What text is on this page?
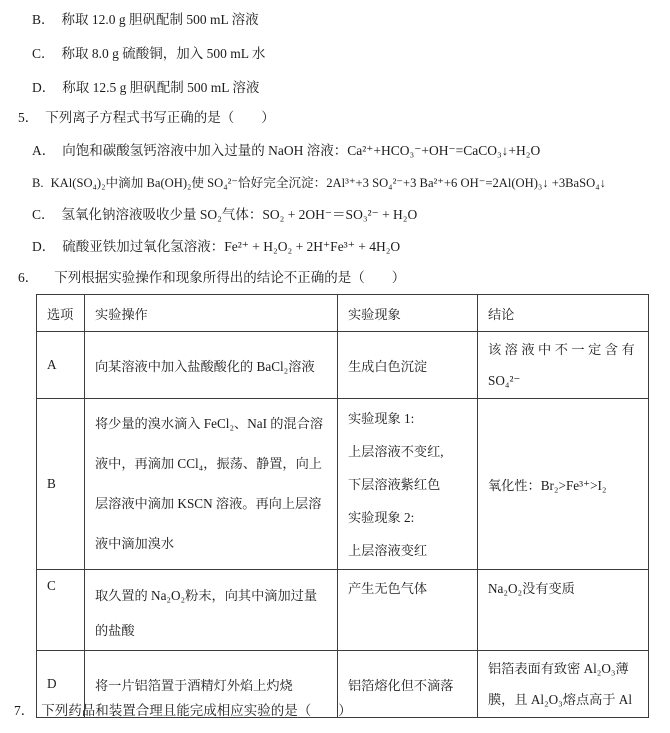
B． 称取 12.0 g 胆矾配制 500 mL 溶液
C． 称取 8.0 g 硫酸铜，加入 500 mL 水
D． 称取 12.5 g 胆矾配制 500 mL 溶液
5． 下列离子方程式书写正确的是（　　）
A． 向饱和碳酸氢钙溶液中加入过量的 NaOH 溶液：Ca²⁺+HCO₃⁻+OH⁻=CaCO₃↓+H₂O
B. KAl(SO₄)₂中滴加 Ba(OH)₂使 SO₄²⁻恰好完全沉淀：2Al³⁺+3 SO₄²⁻+3 Ba²⁺+6 OH⁻=2Al(OH)₃↓ +3BaSO₄↓
C． 氢氧化钠溶液吸收少量 SO₂气体：SO₂ + 2OH⁻＝SO₃²⁻ + H₂O
D． 硫酸亚铁加过氧化氢溶液：Fe²⁺ + H₂O₂ + 2H⁺Fe³⁺ + 4H₂O
6． 下列根据实验操作和现象所得出的结论不正确的是（　　）
选项	实验操作	实验现象	结论
A	向某溶液中加入盐酸酸化的 BaCl₂溶液	生成白色沉淀	该溶液中不一定含有
SO₄²⁻

B	将少量的溴水滴入 FeCl₂、NaI 的混合溶液中，再滴加 CCl₄，振荡、静置，向上层溶液中滴加 KSCN 溶液。再向上层溶液中滴加溴水	实验现象 1:
上层溶液不变红,
下层溶液紫红色
实验现象 2:
上层溶液变红	氧化性：Br₂>Fe³⁺>I₂
C	取久置的 Na₂O₂粉末，向其中滴加过量的盐酸	产生无色气体	Na₂O₂没有变质
D	将一片铝箔置于酒精灯外焰上灼烧	铝箔熔化但不滴落	铝箔表面有致密 Al₂O₃薄膜，且 Al₂O₃熔点高于 Al
7． 下列药品和装置合理且能完成相应实验的是（　　）
